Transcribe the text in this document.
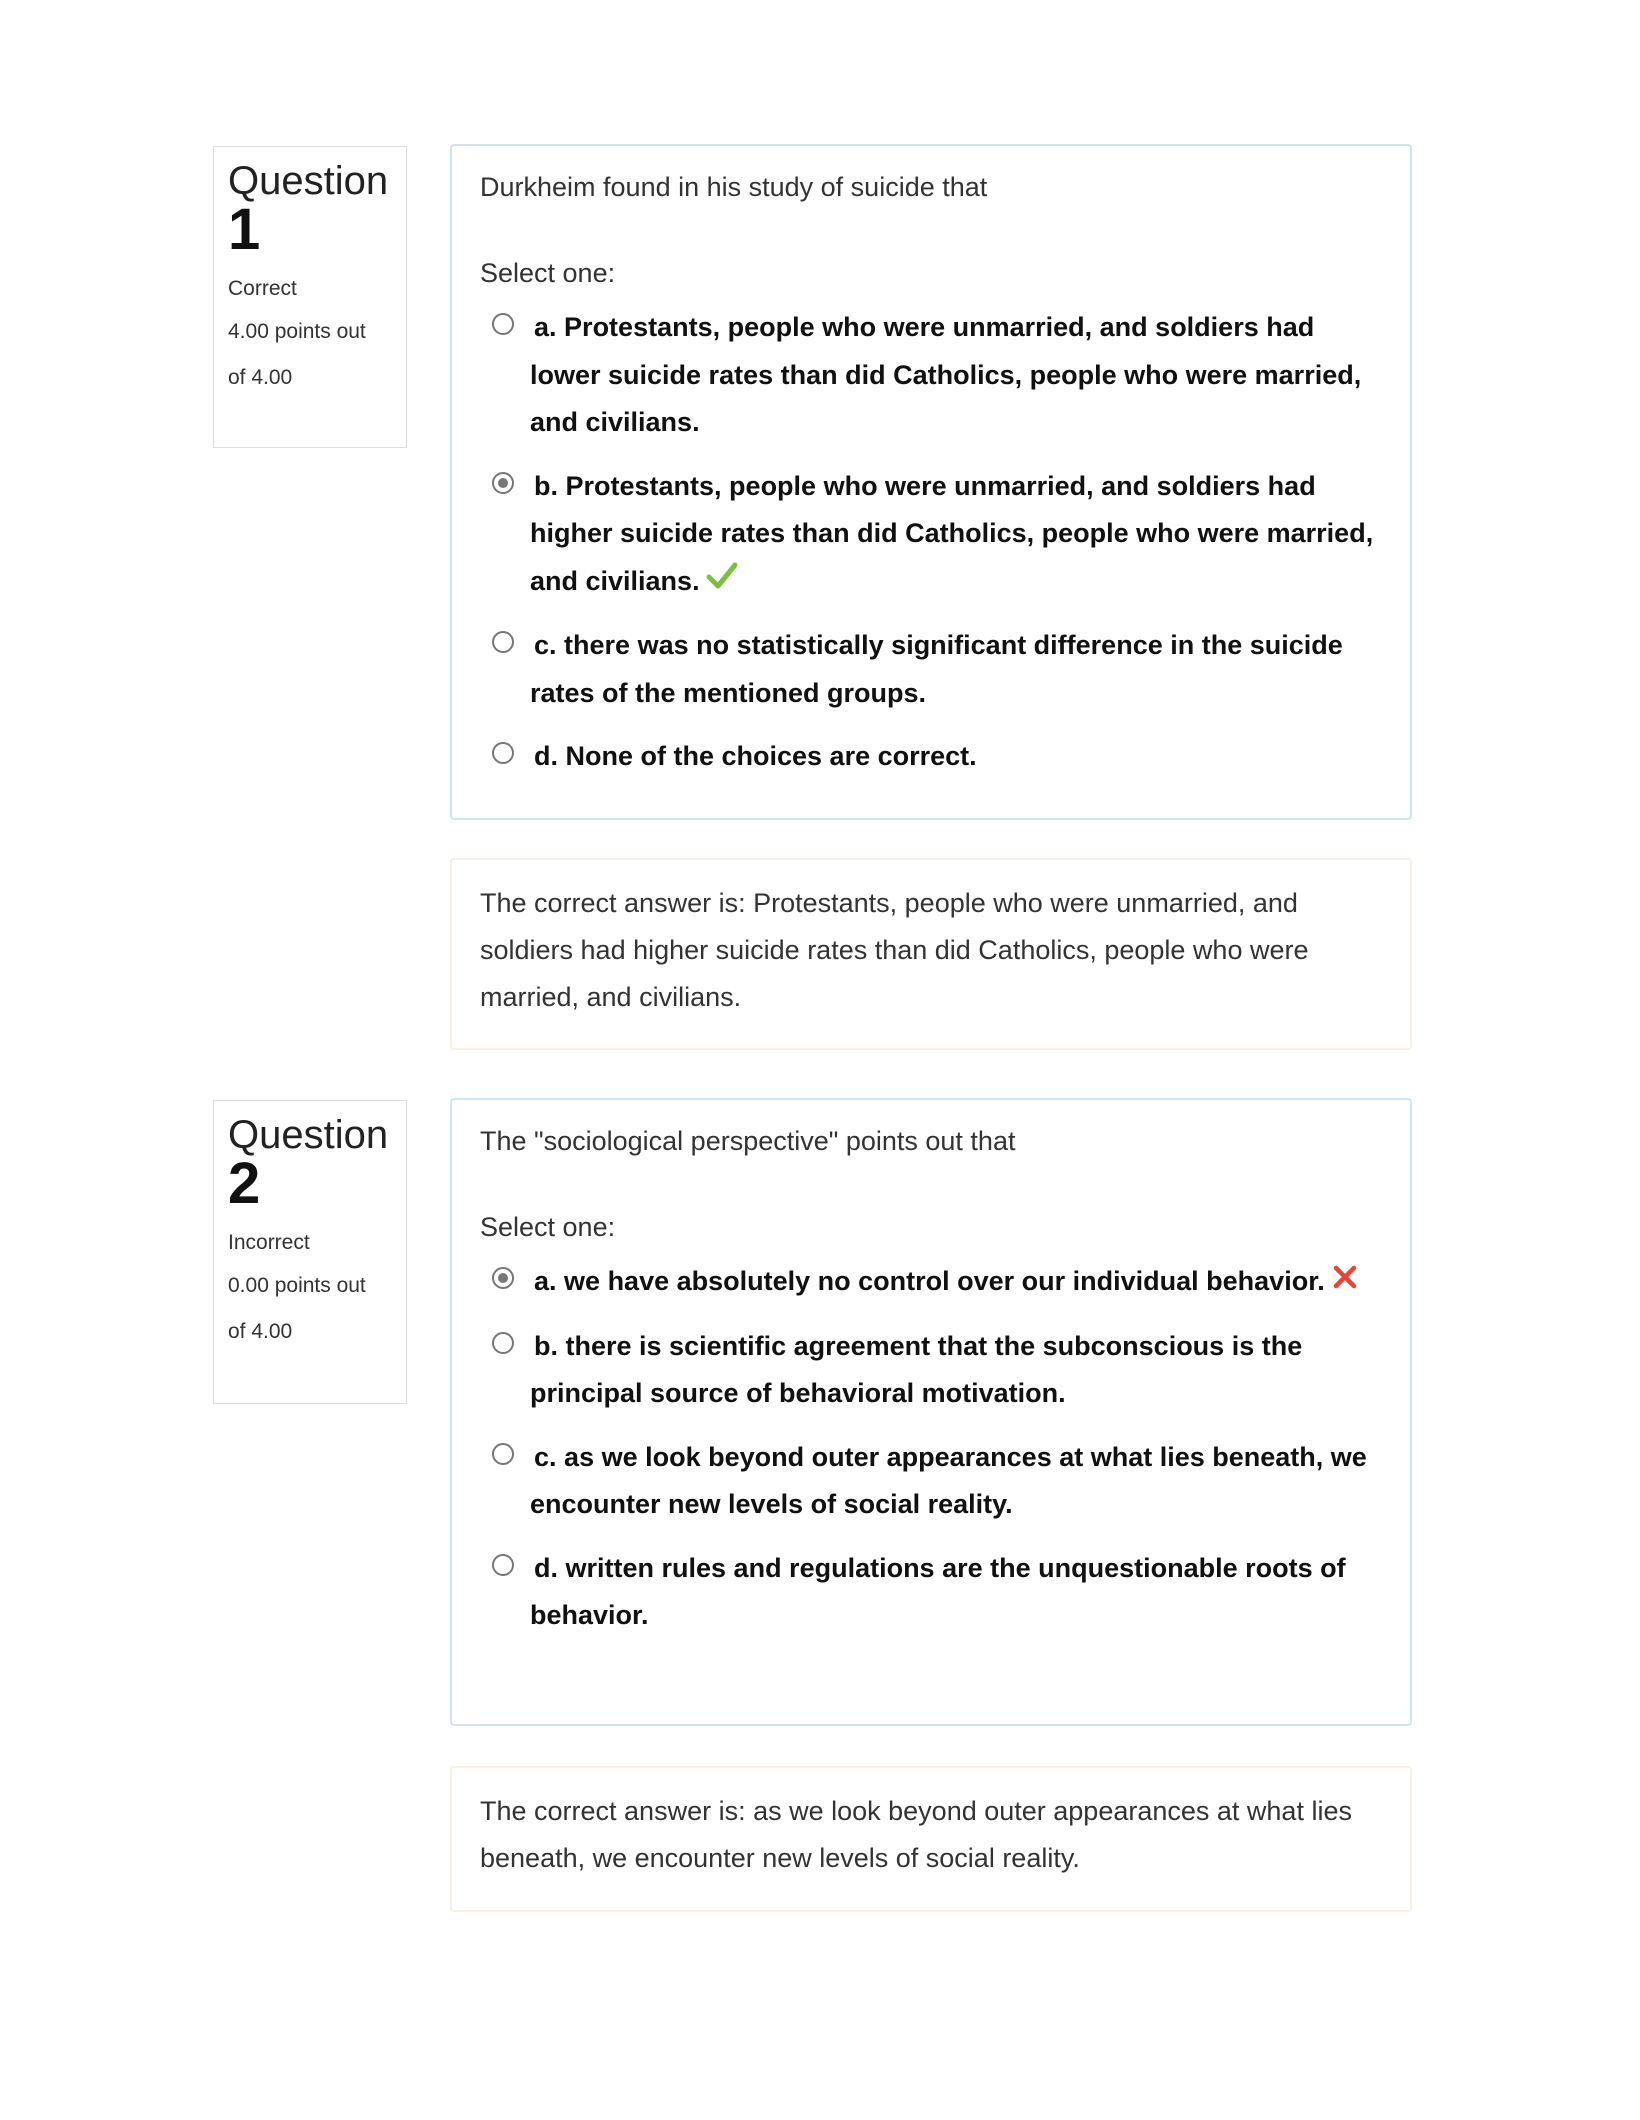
Question
1
Correct
4.00 points out
of 4.00
Durkheim found in his study of suicide that
Select one:
a. Protestants, people who were unmarried, and soldiers had lower suicide rates than did Catholics, people who were married, and civilians.
b. Protestants, people who were unmarried, and soldiers had higher suicide rates than did Catholics, people who were married, and civilians.
c. there was no statistically significant difference in the suicide rates of the mentioned groups.
d. None of the choices are correct.
The correct answer is: Protestants, people who were unmarried, and soldiers had higher suicide rates than did Catholics, people who were married, and civilians.
Question
2
Incorrect
0.00 points out
of 4.00
The "sociological perspective" points out that
Select one:
a. we have absolutely no control over our individual behavior.
b. there is scientific agreement that the subconscious is the principal source of behavioral motivation.
c. as we look beyond outer appearances at what lies beneath, we encounter new levels of social reality.
d. written rules and regulations are the unquestionable roots of behavior.
The correct answer is: as we look beyond outer appearances at what lies beneath, we encounter new levels of social reality.
